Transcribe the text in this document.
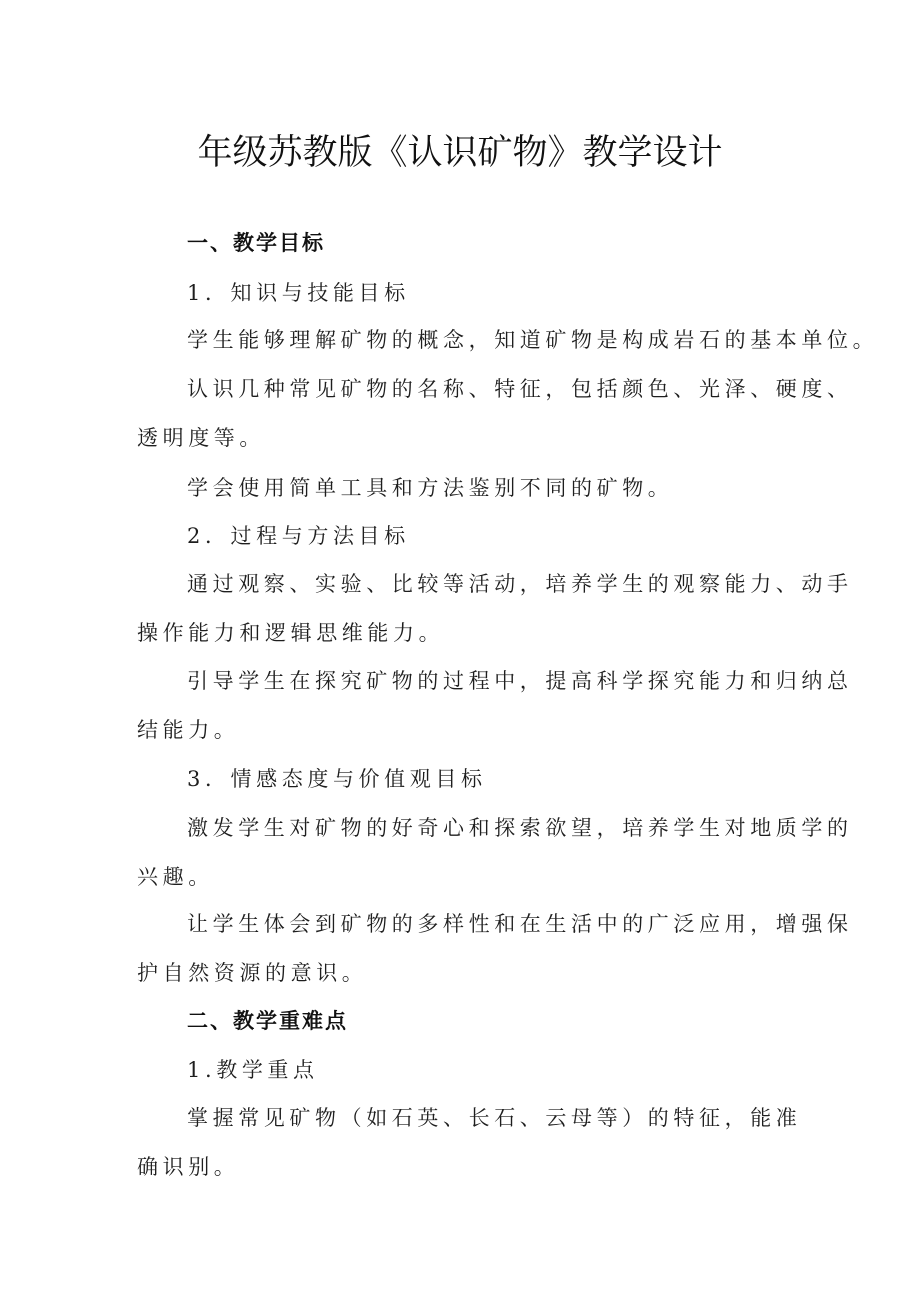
年级苏教版《认识矿物》教学设计

一、教学目标

1．知识与技能目标

学生能够理解矿物的概念，知道矿物是构成岩石的基本单位。

认识几种常见矿物的名称、特征，包括颜色、光泽、硬度、

透明度等。

学会使用简单工具和方法鉴别不同的矿物。

2．过程与方法目标

通过观察、实验、比较等活动，培养学生的观察能力、动手

操作能力和逻辑思维能力。

引导学生在探究矿物的过程中，提高科学探究能力和归纳总

结能力。

3．情感态度与价值观目标

激发学生对矿物的好奇心和探索欲望，培养学生对地质学的

兴趣。

让学生体会到矿物的多样性和在生活中的广泛应用，增强保

护自然资源的意识。

二、教学重难点

1.教学重点

掌握常见矿物（如石英、长石、云母等）的特征，能准

确识别。
